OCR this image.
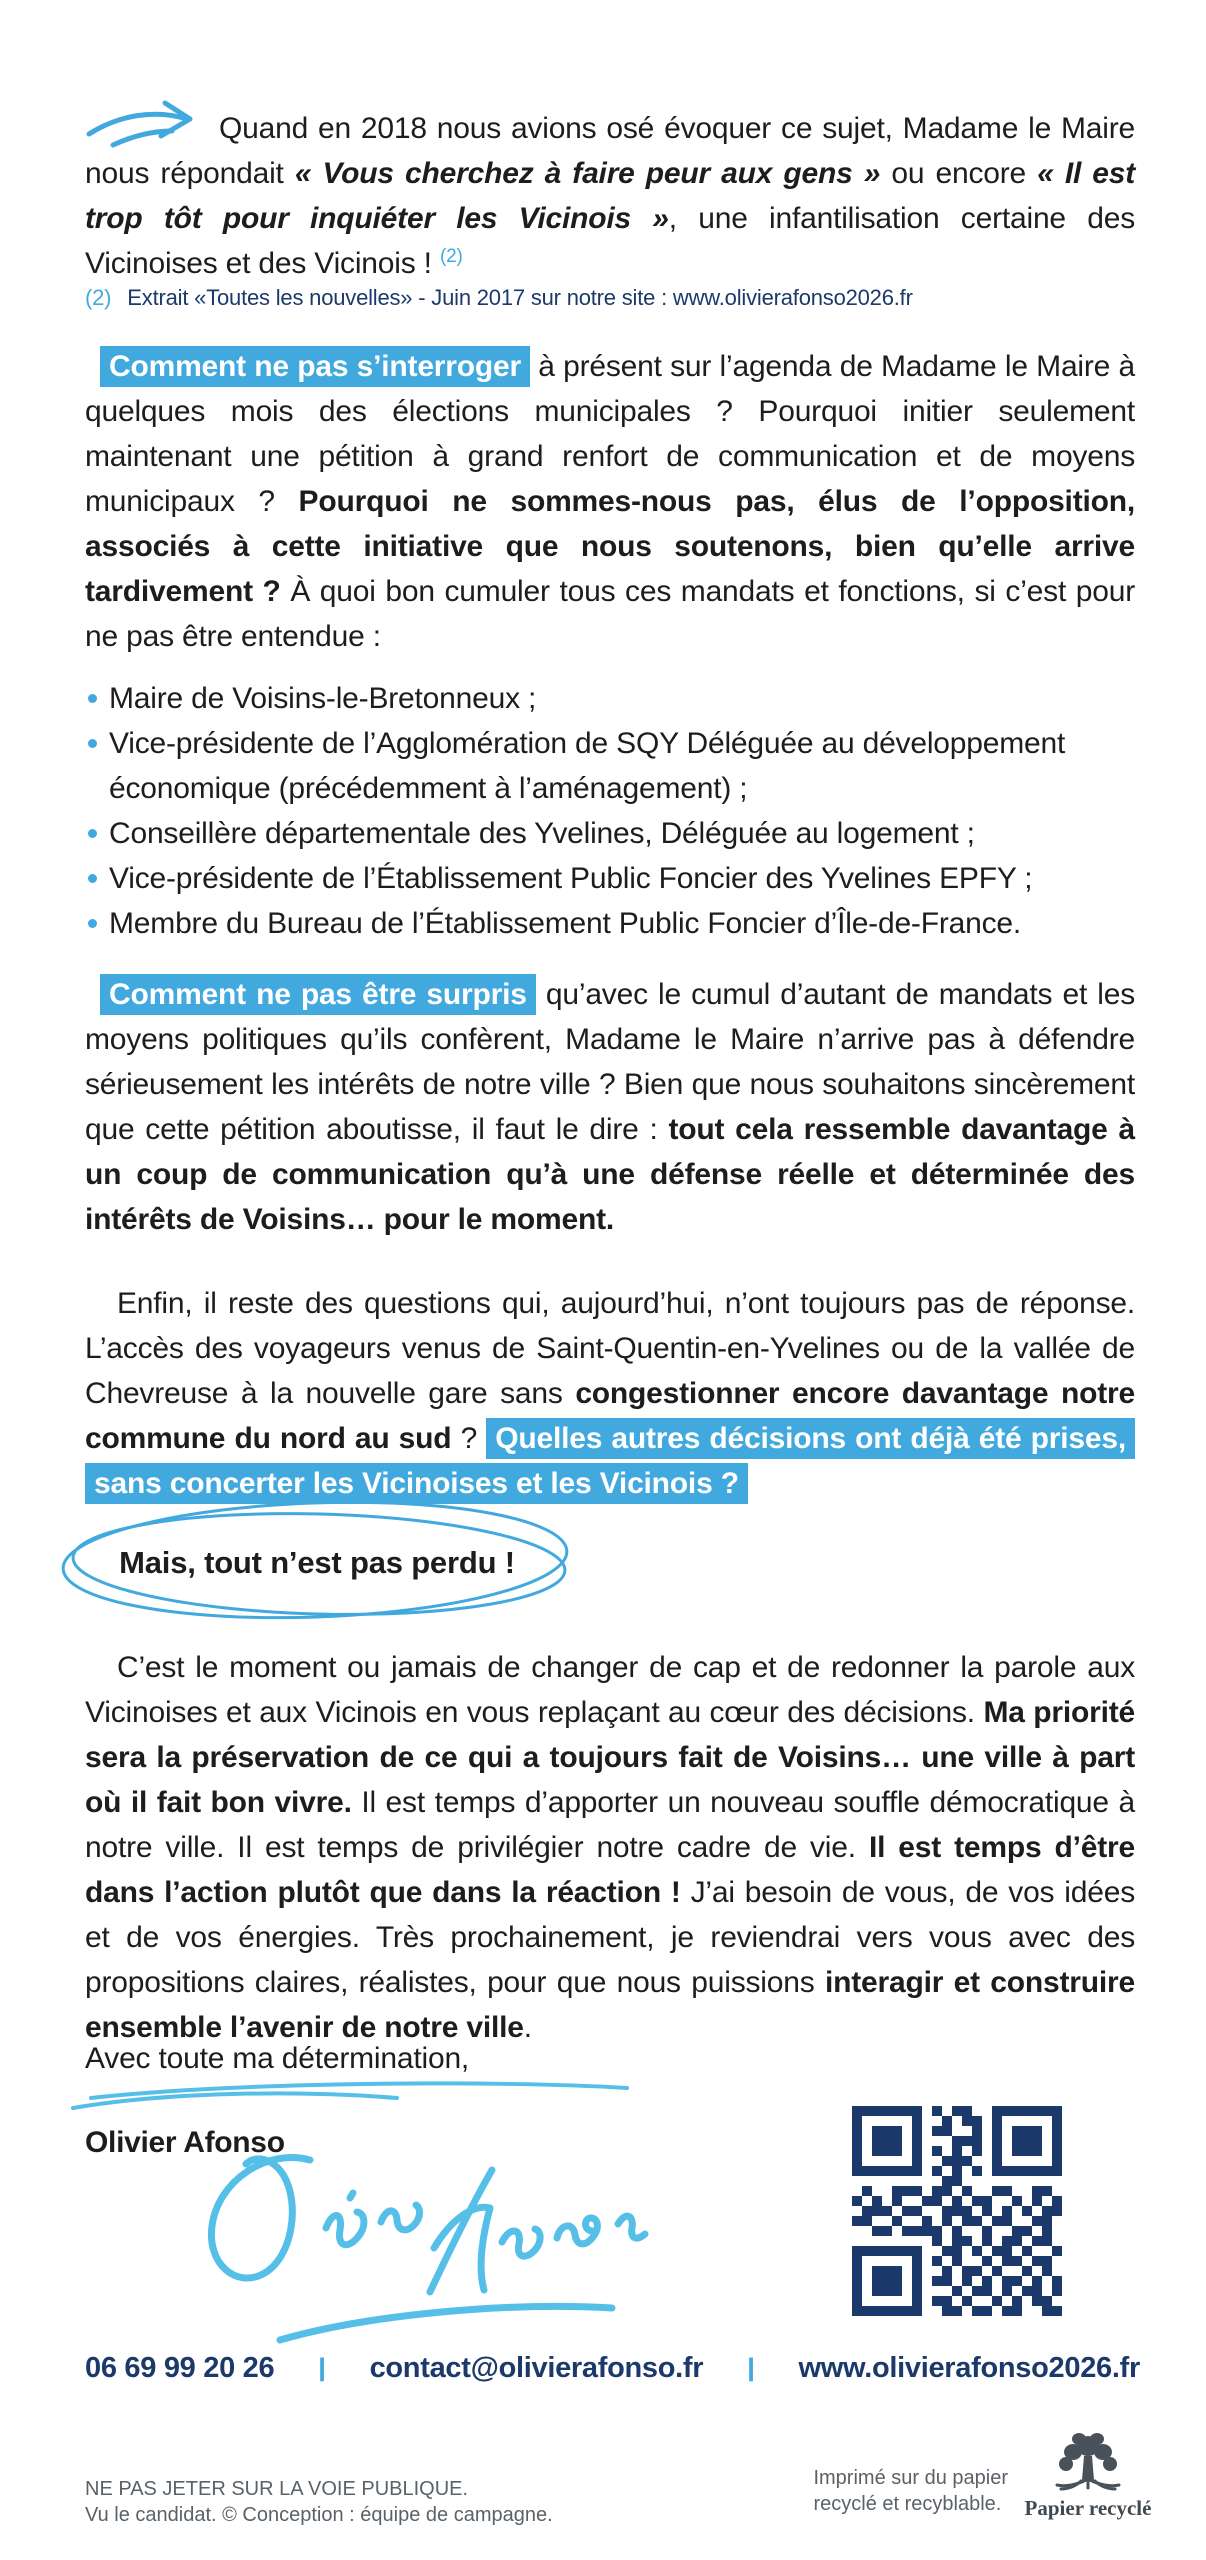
Quand en 2018 nous avions osé évoquer ce sujet, Madame le Maire nous répondait « Vous cherchez à faire peur aux gens » ou encore « Il est trop tôt pour inquiéter les Vicinois », une infantilisation certaine des Vicinoises et des Vicinois ! $^{(2)}$

(2) Extrait «Toutes les nouvelles» - Juin 2017 sur notre site : www.olivierafonso2026.fr

Comment ne pas s’interroger à présent sur l’agenda de Madame le Maire à quelques mois des élections municipales ? Pourquoi initier seulement maintenant une pétition à grand renfort de communication et de moyens municipaux ? Pourquoi ne sommes-nous pas, élus de l’opposition, associés à cette initiative que nous soutenons, bien qu’elle arrive tardivement ? À quoi bon cumuler tous ces mandats et fonctions, si c’est pour ne pas être entendue :

Maire de Voisins-le-Bretonneux ;
Vice-présidente de l’Agglomération de SQY Déléguée au développement économique (précédemment à l’aménagement) ;
Conseillère départementale des Yvelines, Déléguée au logement ;
Vice-présidente de l’Établissement Public Foncier des Yvelines EPFY ;
Membre du Bureau de l’Établissement Public Foncier d’Île-de-France.

Comment ne pas être surpris qu’avec le cumul d’autant de mandats et les moyens politiques qu’ils confèrent, Madame le Maire n’arrive pas à défendre sérieusement les intérêts de notre ville ? Bien que nous souhaitons sincèrement que cette pétition aboutisse, il faut le dire : tout cela ressemble davantage à un coup de communication qu’à une défense réelle et déterminée des intérêts de Voisins… pour le moment.

Enfin, il reste des questions qui, aujourd’hui, n’ont toujours pas de réponse. L’accès des voyageurs venus de Saint-Quentin-en-Yvelines ou de la vallée de Chevreuse à la nouvelle gare sans congestionner encore davantage notre commune du nord au sud ? Quelles autres décisions ont déjà été prises, sans concerter les Vicinoises et les Vicinois ?

Mais, tout n’est pas perdu !

C’est le moment ou jamais de changer de cap et de redonner la parole aux Vicinoises et aux Vicinois en vous replaçant au cœur des décisions. Ma priorité sera la préservation de ce qui a toujours fait de Voisins… une ville à part où il fait bon vivre. Il est temps d’apporter un nouveau souffle démocratique à notre ville. Il est temps de privilégier notre cadre de vie. Il est temps d’être dans l’action plutôt que dans la réaction ! J’ai besoin de vous, de vos idées et de vos énergies. Très prochainement, je reviendrai vers vous avec des propositions claires, réalistes, pour que nous puissions interagir et construire ensemble l’avenir de notre ville.

Avec toute ma détermination,
Olivier Afonso
06 69 99 20 26 | contact@olivierafonso.fr | www.olivierafonso2026.fr
NE PAS JETER SUR LA VOIE PUBLIQUE.
Vu le candidat. © Conception : équipe de campagne.
Imprimé sur du papier
recyclé et recyblable.	Papier recyclé
